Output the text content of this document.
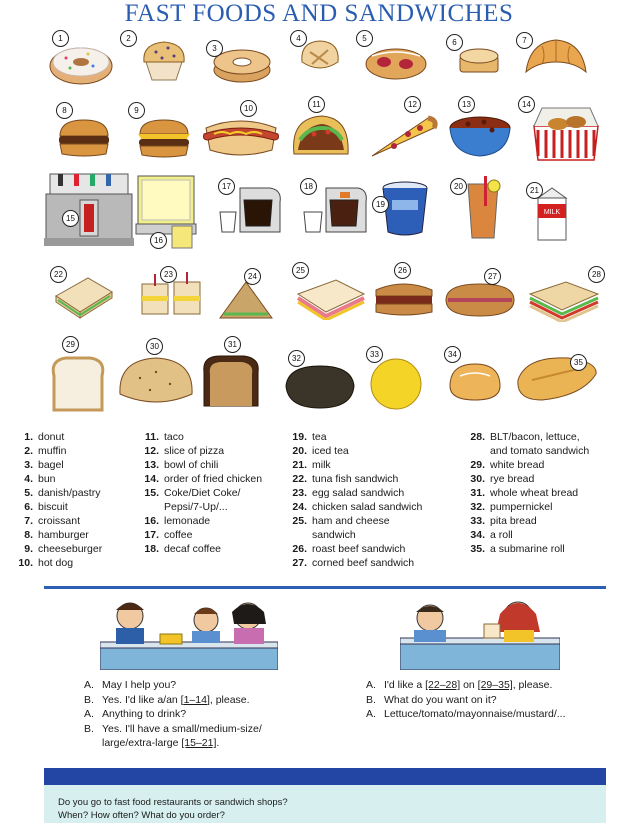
FAST FOODS AND SANDWICHES
MILK
1	2
3
4	5	6	7
8	9	10	11	12	13	14
15
16
17	18
19
20	21
22	23	24
25	26
27	28
29	30	31
32	33	34
35
1. donut
2. muffin
3. bagel
4. bun
5. danish/pastry
6. biscuit
7. croissant
8. hamburger
9. cheeseburger
10. hot dog
11. taco
12. slice of pizza
13. bowl of chili
14. order of fried chicken
15. Coke/Diet Coke/
Pepsi/7-Up/...
16. lemonade
17. coffee
18. decaf coffee
19. tea
20. iced tea
21. milk
22. tuna fish sandwich
23. egg salad sandwich
24. chicken salad sandwich
25. ham and cheese
sandwich
26. roast beef sandwich
27. corned beef sandwich
28. BLT/bacon, lettuce,
and tomato sandwich
29. white bread
30. rye bread
31. whole wheat bread
32. pumpernickel
33. pita bread
34. a roll
35. a submarine roll
A. May I help you?
B. Yes. I'd like a/an [1–14], please.
A. Anything to drink?
B. Yes. I'll have a small/medium-size/
large/extra-large [15–21].
A. I'd like a [22–28] on [29–35], please.
B. What do you want on it?
A. Lettuce/tomato/mayonnaise/mustard/...
Do you go to fast food restaurants or sandwich shops?
When? How often? What do you order?
